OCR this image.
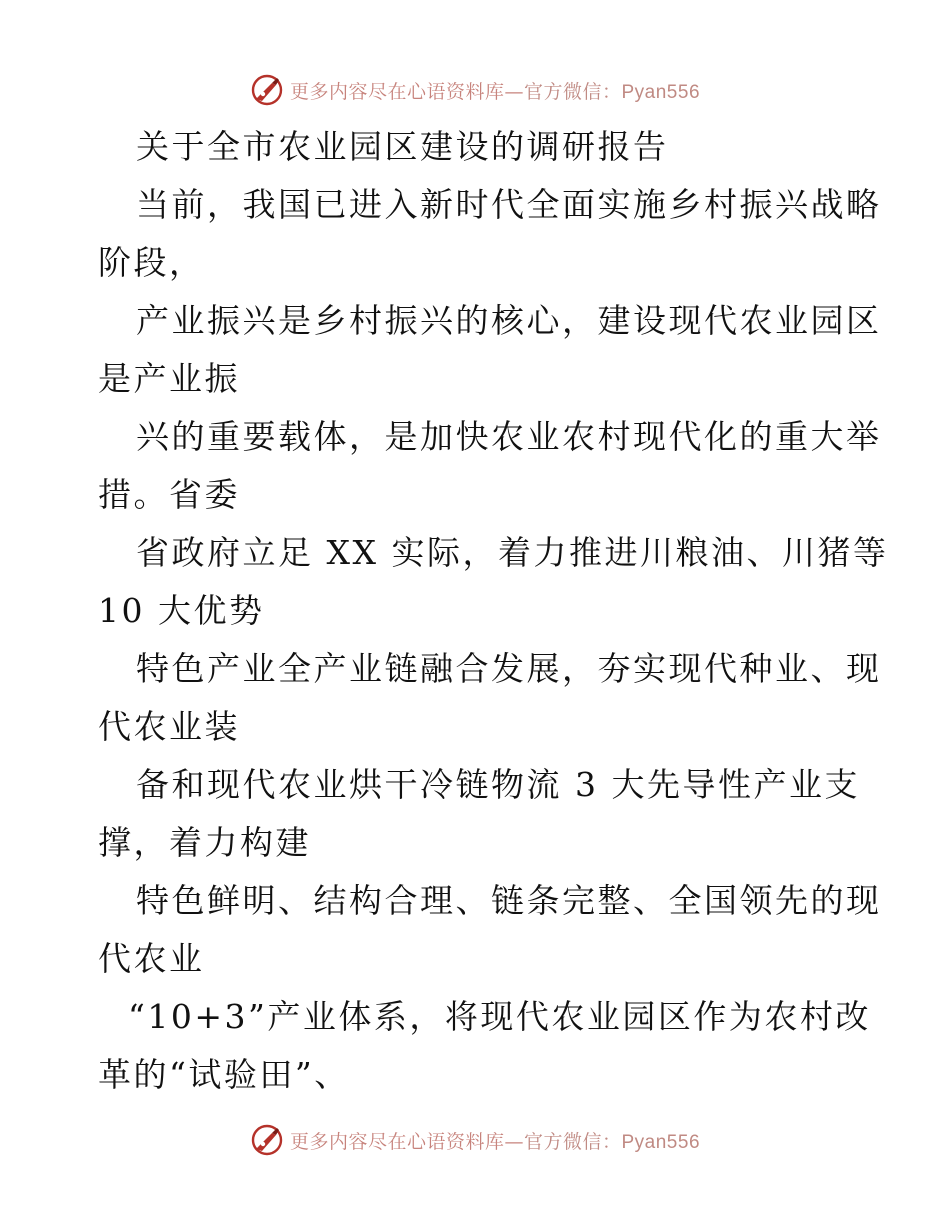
更多内容尽在心语资料库—官方微信：Pyan556
关于全市农业园区建设的调研报告
当前，我国已进入新时代全面实施乡村振兴战略
阶段，
产业振兴是乡村振兴的核心，建设现代农业园区
是产业振
兴的重要载体，是加快农业农村现代化的重大举
措。省委
省政府立足 XX 实际，着力推进川粮油、川猪等
10 大优势
特色产业全产业链融合发展，夯实现代种业、现
代农业装
备和现代农业烘干冷链物流 3 大先导性产业支
撑，着力构建
特色鲜明、结构合理、链条完整、全国领先的现
代农业
“10+3”产业体系，将现代农业园区作为农村改
革的“试验田”、
更多内容尽在心语资料库—官方微信：Pyan556
